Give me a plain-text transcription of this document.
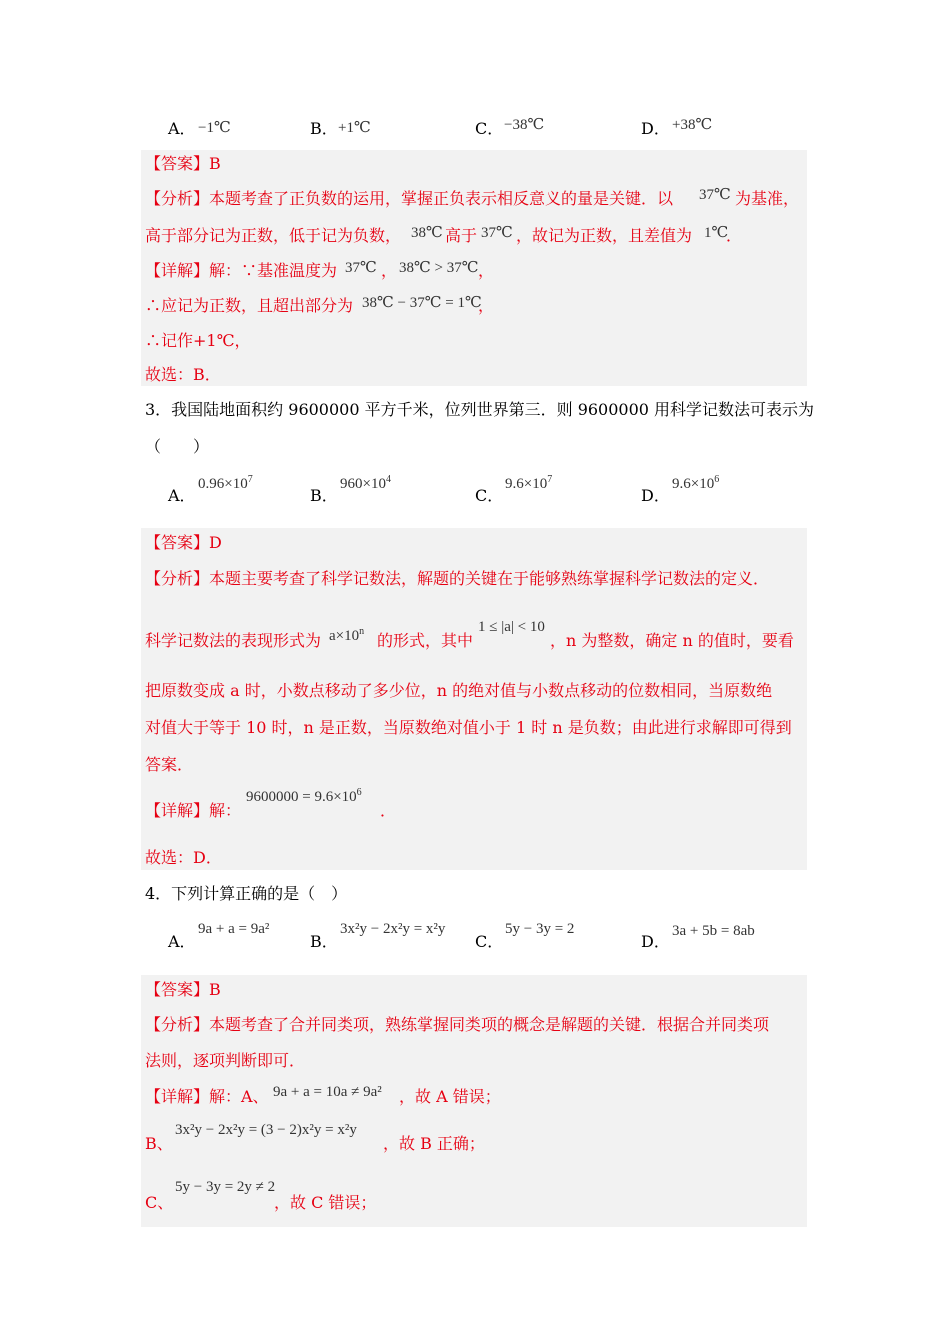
A． −1℃	B． +1℃	C． −38℃	D． +38℃
【答案】B
【分析】本题考查了正负数的运用，掌握正负表示相反意义的量是关键．以 37℃ 为基准，
高于部分记为正数，低于记为负数， 38℃ 高于 37℃ ，故记为正数，且差值为 1℃
．
【详解】解：∵基准温度为 37℃ ， 38℃ > 37℃ ，
∴应记为正数，且超出部分为 38℃ − 37℃ = 1℃
，
∴记作+1℃，
故选：B．
3．我国陆地面积约 9600000 平方千米，位列世界第三．则 9600000 用科学记数法可表示为
（　　）
A．
$0.96\times 10^7$
B．
$960\times 10^4$
C．
$9.6\times 10^7$
D．
$9.6\times 10^6$
【答案】D
【分析】本题主要考查了科学记数法，解题的关键在于能够熟练掌握科学记数法的定义．
科学记数法的表现形式为 $a\times 10^n$ 的形式，其中
1 ≤ |a| < 10
，n 为整数，确定 n 的值时，要看
把原数变成 a 时，小数点移动了多少位，n 的绝对值与小数点移动的位数相同，当原数绝
对值大于等于 10 时，n 是正数，当原数绝对值小于 1 时 n 是负数；由此进行求解即可得到
答案．
【详解】解：
$9600000 = 9.6\times 10^6$
．
故选：D．
4．下列计算正确的是（　）
A．
9a + a = 9a²
B．
3x²y − 2x²y = x²y
C．
5y − 3y = 2
D．
3a + 5b = 8ab
【答案】B
【分析】本题考查了合并同类项，熟练掌握同类项的概念是解题的关键．根据合并同类项
法则，逐项判断即可．
【详解】解：A、 9a + a = 10a ≠ 9a² ，故 A 错误；
B、
3x²y − 2x²y = (3 − 2)x²y = x²y
，故 B 正确；
C、
5y − 3y = 2y ≠ 2
，故 C 错误；
